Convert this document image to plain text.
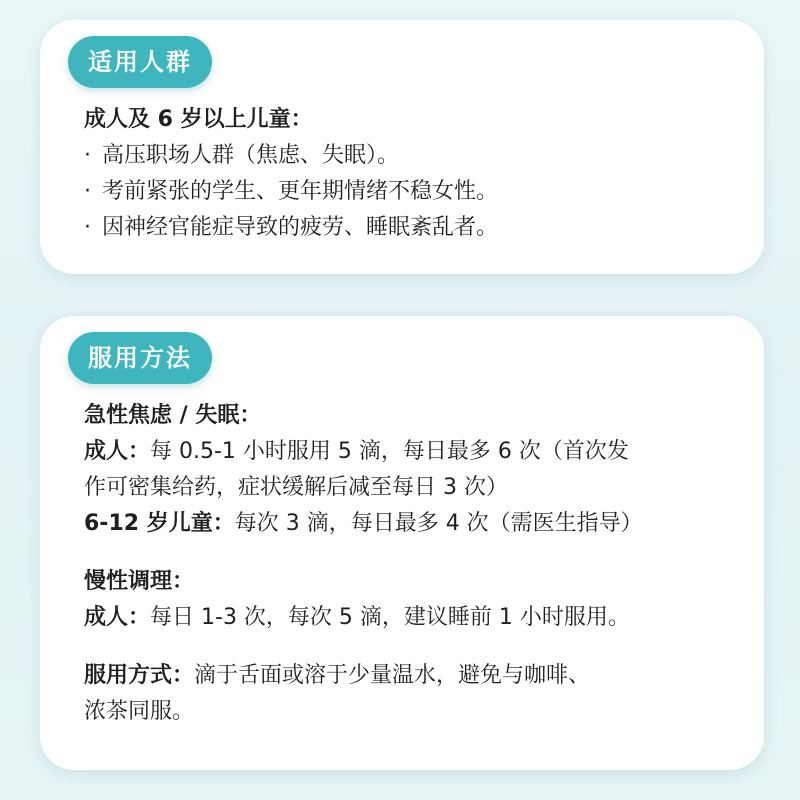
适用人群
成人及 6 岁以上儿童：
· 高压职场人群（焦虑、失眠）。
· 考前紧张的学生、更年期情绪不稳女性。
· 因神经官能症导致的疲劳、睡眠紊乱者。
服用方法
急性焦虑 / 失眠：
成人：每 0.5-1 小时服用 5 滴，每日最多 6 次（首次发
作可密集给药，症状缓解后减至每日 3 次）
6-12 岁儿童：每次 3 滴，每日最多 4 次（需医生指导）
慢性调理：
成人：每日 1-3 次，每次 5 滴，建议睡前 1 小时服用。
服用方式：滴于舌面或溶于少量温水，避免与咖啡、
浓茶同服。
